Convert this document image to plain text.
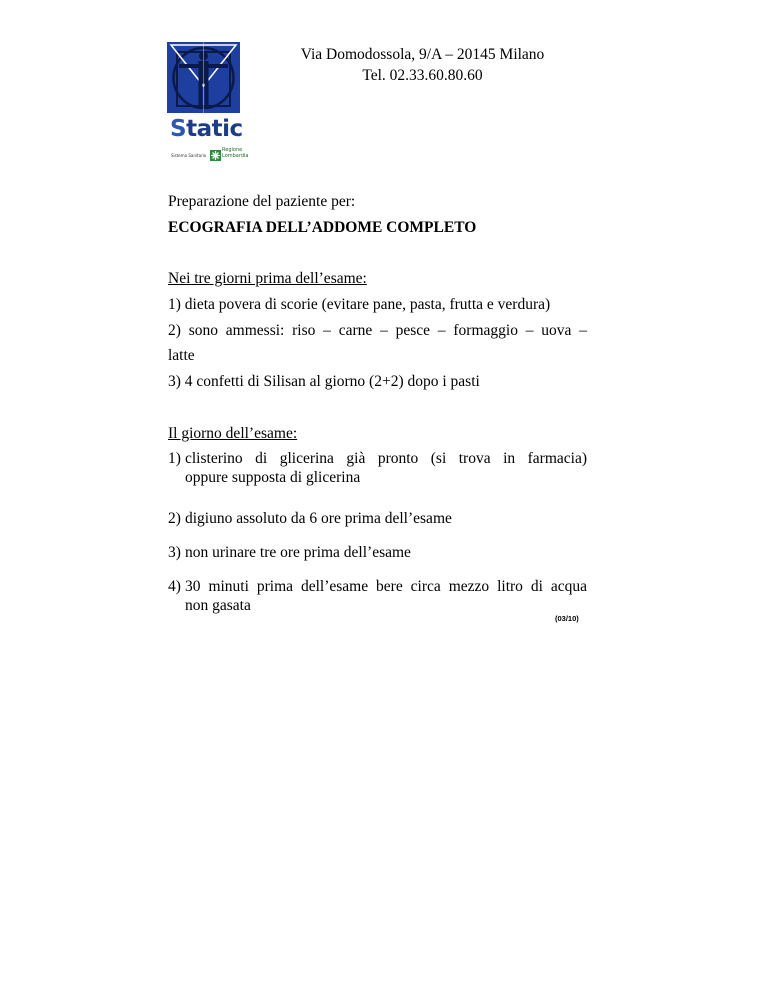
Static
Sistema Sanitario
Regione
Lombardia
Via Domodossola, 9/A – 20145 Milano
Tel. 02.33.60.80.60
Preparazione del paziente per:
ECOGRAFIA DELL’ADDOME COMPLETO
Nei tre giorni prima dell’esame:
1) dieta povera di scorie (evitare pane, pasta, frutta e verdura)
2) sono ammessi: riso – carne – pesce – formaggio – uova –
latte
3) 4 confetti di Silisan al giorno (2+2) dopo i pasti
Il giorno dell’esame:
1) clisterino di glicerina già pronto (si trova in farmacia)
oppure supposta di glicerina
2) digiuno assoluto da 6 ore prima dell’esame
3) non urinare tre ore prima dell’esame
4) 30 minuti prima dell’esame bere circa mezzo litro di acqua
non gasata
(03/10)
